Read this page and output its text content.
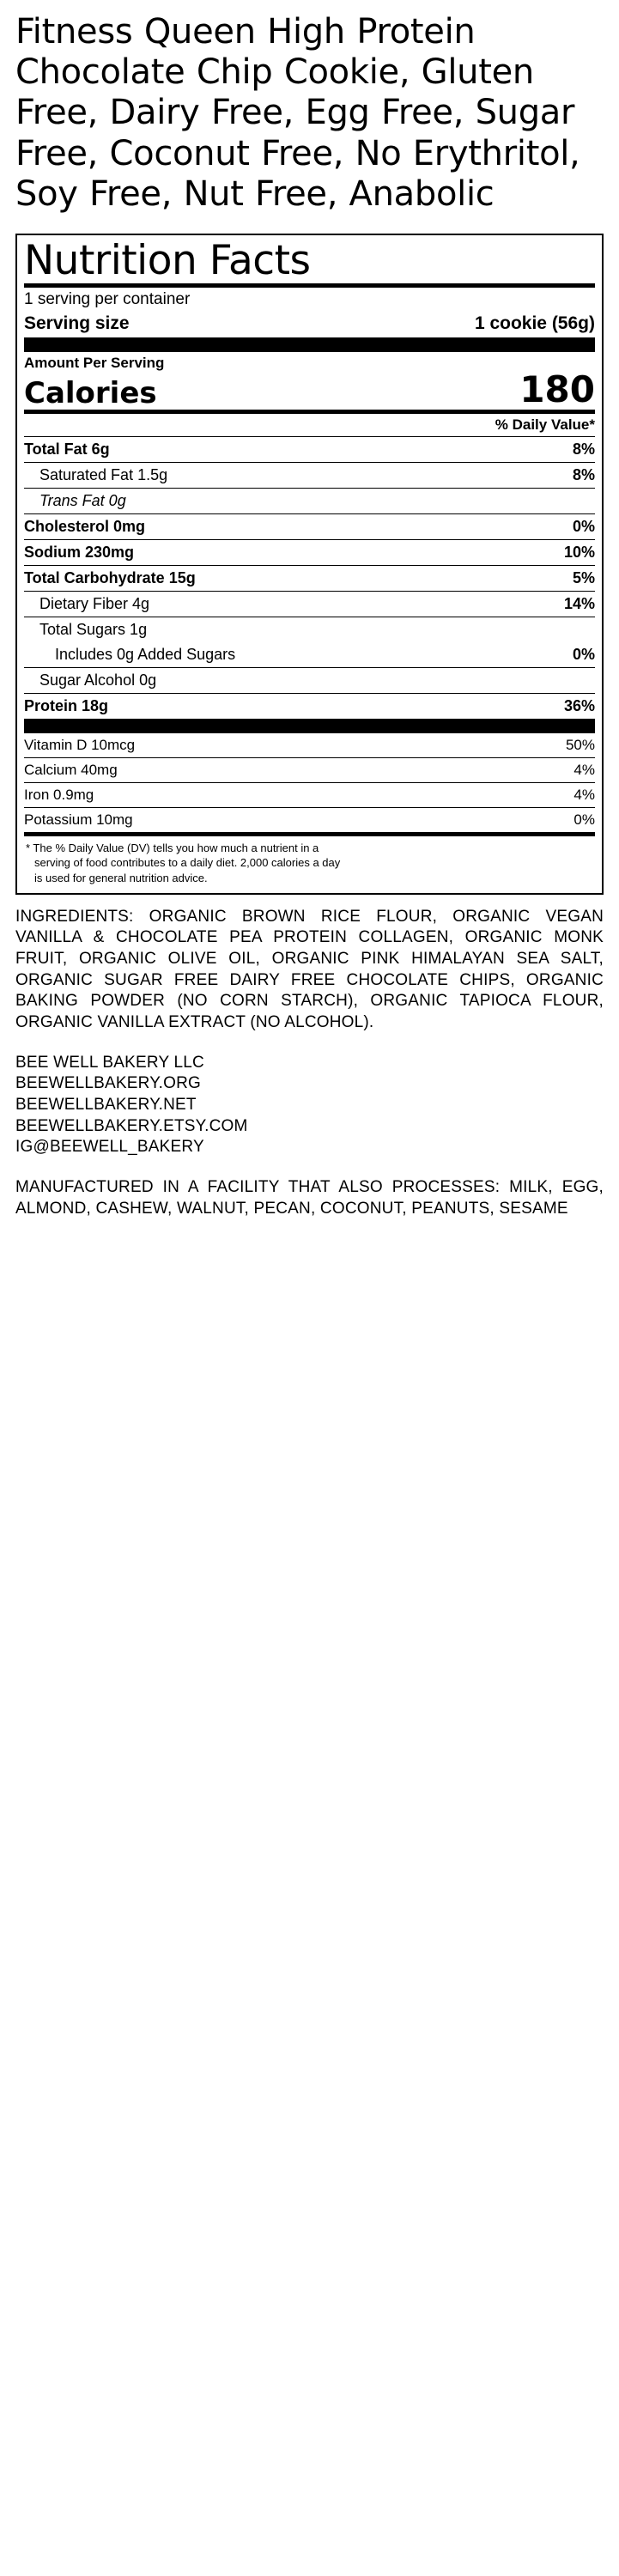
Fitness Queen High Protein Chocolate Chip Cookie, Gluten Free, Dairy Free, Egg Free, Sugar Free, Coconut Free, No Erythritol, Soy Free, Nut Free, Anabolic
Nutrition Facts
1 serving per container
Serving size	1 cookie (56g)
Amount Per Serving
Calories	180
% Daily Value*
Total Fat 6g	8%
Saturated Fat 1.5g	8%
Trans Fat 0g
Cholesterol 0mg	0%
Sodium 230mg	10%
Total Carbohydrate 15g	5%
Dietary Fiber 4g	14%
Total Sugars 1g
Includes 0g Added Sugars	0%
Sugar Alcohol 0g
Protein 18g	36%
Vitamin D 10mcg	50%
Calcium 40mg	4%
Iron 0.9mg	4%
Potassium 10mg	0%
* The % Daily Value (DV) tells you how much a nutrient in a
serving of food contributes to a daily diet. 2,000 calories a day
is used for general nutrition advice.
INGREDIENTS: ORGANIC BROWN RICE FLOUR, ORGANIC VEGAN VANILLA & CHOCOLATE PEA PROTEIN COLLAGEN, ORGANIC MONK FRUIT, ORGANIC OLIVE OIL, ORGANIC PINK HIMALAYAN SEA SALT, ORGANIC SUGAR FREE DAIRY FREE CHOCOLATE CHIPS, ORGANIC BAKING POWDER (NO CORN STARCH), ORGANIC TAPIOCA FLOUR, ORGANIC VANILLA EXTRACT (NO ALCOHOL).
BEE WELL BAKERY LLC
BEEWELLBAKERY.ORG
BEEWELLBAKERY.NET
BEEWELLBAKERY.ETSY.COM
IG@BEEWELL_BAKERY
MANUFACTURED IN A FACILITY THAT ALSO PROCESSES: MILK, EGG, ALMOND, CASHEW, WALNUT, PECAN, COCONUT, PEANUTS, SESAME
